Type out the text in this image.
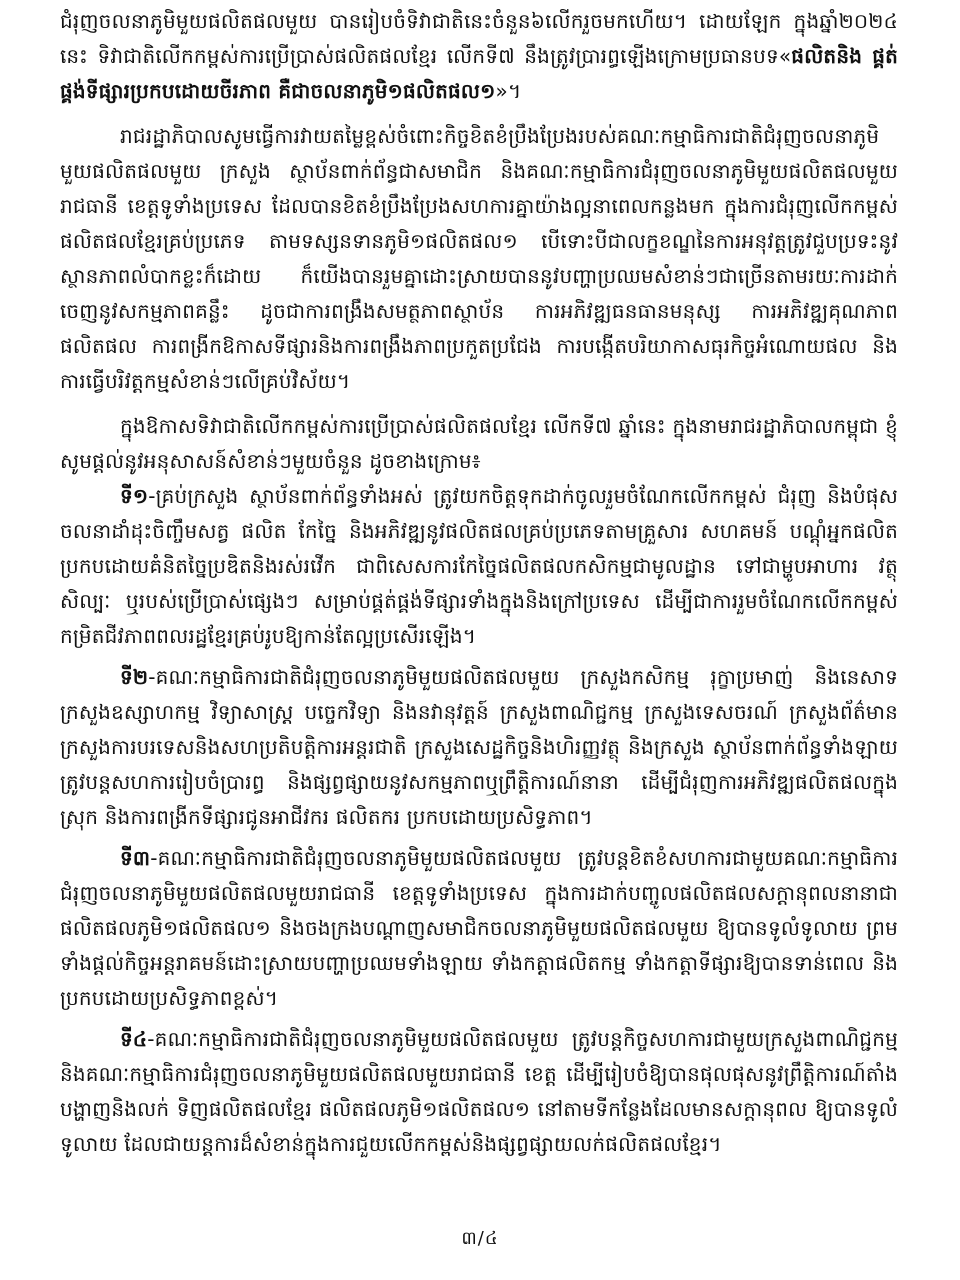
ជំរុញចលនាភូមិមួយផលិតផលមួយ បានរៀបចំទិវាជាតិនេះចំនួន៦លើករួចមកហើយ។ ដោយឡែក ក្នុងឆ្នាំ២០២៤ នេះ ទិវាជាតិលើកកម្ពស់ការប្រើប្រាស់ផលិតផលខ្មែរ លើកទី៧ នឹងត្រូវប្រារព្ធឡើងក្រោមប្រធានបទ«ផលិតនិង ផ្គត់ផ្គង់ទីផ្សារប្រកបដោយចីរភាព គឺជាចលនាភូមិ១ផលិតផល១»។

រាជរដ្ឋាភិបាលសូមធ្វើការវាយតម្លៃខ្ពស់ចំពោះកិច្ចខិតខំប្រឹងប្រែងរបស់គណៈកម្មាធិការជាតិជំរុញចលនាភូមិមួយផលិតផលមួយ ក្រសួង ស្ថាប័នពាក់ព័ន្ធជាសមាជិក និងគណៈកម្មាធិការជំរុញចលនាភូមិមួយផលិតផលមួយរាជធានី ខេត្តទូទាំងប្រទេស ដែលបានខិតខំប្រឹងប្រែងសហការគ្នាយ៉ាងល្អនាពេលកន្លងមក ក្នុងការជំរុញលើកកម្ពស់ផលិតផលខ្មែរគ្រប់ប្រភេទ តាមទស្សនទានភូមិ១ផលិតផល១ បើទោះបីជាលក្ខខណ្ឌនៃការអនុវត្តត្រូវជួបប្រទះនូវស្ថានភាពលំបាកខ្លះក៏ដោយ ក៏យើងបានរួមគ្នាដោះស្រាយបាននូវបញ្ហាប្រឈមសំខាន់ៗជាច្រើនតាមរយៈការដាក់ចេញនូវសកម្មភាពគន្លឹះ ដូចជាការពង្រឹងសមត្ថភាពស្ថាប័ន ការអភិវឌ្ឍធនធានមនុស្ស ការអភិវឌ្ឍគុណភាពផលិតផល ការពង្រីកឱកាសទីផ្សារនិងការពង្រឹងភាពប្រកួតប្រជែង ការបង្កើតបរិយាកាសធុរកិច្ចអំណោយផល និងការធ្វើបរិវត្តកម្មសំខាន់ៗលើគ្រប់វិស័យ។

ក្នុងឱកាសទិវាជាតិលើកកម្ពស់ការប្រើប្រាស់ផលិតផលខ្មែរ លើកទី៧ ឆ្នាំនេះ ក្នុងនាមរាជរដ្ឋាភិបាលកម្ពុជា ខ្ញុំសូមផ្តល់នូវអនុសាសន៍សំខាន់ៗមួយចំនួន ដូចខាងក្រោម៖

ទី១-គ្រប់ក្រសួង ស្ថាប័នពាក់ព័ន្ធទាំងអស់ ត្រូវយកចិត្តទុកដាក់ចូលរួមចំណែកលើកកម្ពស់ ជំរុញ និងបំផុសចលនាដាំដុះចិញ្ចឹមសត្វ ផលិត កែច្នៃ និងអភិវឌ្ឍនូវផលិតផលគ្រប់ប្រភេទតាមគ្រួសារ សហគមន៍ បណ្តុំអ្នកផលិតប្រកបដោយគំនិតច្នៃប្រឌិតនិងរស់រវើក ជាពិសេសការកែច្នៃផលិតផលកសិកម្មជាមូលដ្ឋាន ទៅជាម្ហូបអាហារ វត្ថុសិល្បៈ ឬរបស់ប្រើប្រាស់ផ្សេងៗ សម្រាប់ផ្គត់ផ្គង់ទីផ្សារទាំងក្នុងនិងក្រៅប្រទេស ដើម្បីជាការរួមចំណែកលើកកម្ពស់កម្រិតជីវភាពពលរដ្ឋខ្មែរគ្រប់រូបឱ្យកាន់តែល្អប្រសើរឡើង។

ទី២-គណៈកម្មាធិការជាតិជំរុញចលនាភូមិមួយផលិតផលមួយ ក្រសួងកសិកម្ម រុក្ខាប្រមាញ់ និងនេសាទ ក្រសួងឧស្សាហកម្ម វិទ្យាសាស្ត្រ បច្ចេកវិទ្យា និងនវានុវត្តន៍ ក្រសួងពាណិជ្ជកម្ម ក្រសួងទេសចរណ៍ ក្រសួងព័ត៌មាន ក្រសួងការបរទេសនិងសហប្រតិបត្តិការអន្តរជាតិ ក្រសួងសេដ្ឋកិច្ចនិងហិរញ្ញវត្ថុ និងក្រសួង ស្ថាប័នពាក់ព័ន្ធទាំងឡាយ ត្រូវបន្តសហការរៀបចំប្រារព្ធ និងផ្សព្វផ្សាយនូវសកម្មភាពឬព្រឹត្តិការណ៍នានា ដើម្បីជំរុញការអភិវឌ្ឍផលិតផលក្នុងស្រុក និងការពង្រីកទីផ្សារជូនអាជីវករ ផលិតករ ប្រកបដោយប្រសិទ្ធភាព។

ទី៣-គណៈកម្មាធិការជាតិជំរុញចលនាភូមិមួយផលិតផលមួយ ត្រូវបន្តខិតខំសហការជាមួយគណៈកម្មាធិការជំរុញចលនាភូមិមួយផលិតផលមួយរាជធានី ខេត្តទូទាំងប្រទេស ក្នុងការដាក់បញ្ចូលផលិតផលសក្តានុពលនានាជាផលិតផលភូមិ១ផលិតផល១ និងចងក្រងបណ្តាញសមាជិកចលនាភូមិមួយផលិតផលមួយ ឱ្យបានទូលំទូលាយ ព្រមទាំងផ្តល់កិច្ចអន្តរាគមន៍ដោះស្រាយបញ្ហាប្រឈមទាំងឡាយ ទាំងកត្តាផលិតកម្ម ទាំងកត្តាទីផ្សារឱ្យបានទាន់ពេល និងប្រកបដោយប្រសិទ្ធភាពខ្ពស់។

ទី៤-គណៈកម្មាធិការជាតិជំរុញចលនាភូមិមួយផលិតផលមួយ ត្រូវបន្តកិច្ចសហការជាមួយក្រសួងពាណិជ្ជកម្ម និងគណៈកម្មាធិការជំរុញចលនាភូមិមួយផលិតផលមួយរាជធានី ខេត្ត ដើម្បីរៀបចំឱ្យបានផុលផុសនូវព្រឹត្តិការណ៍តាំងបង្ហាញនិងលក់ ទិញផលិតផលខ្មែរ ផលិតផលភូមិ១ផលិតផល១ នៅតាមទីកន្លែងដែលមានសក្តានុពល ឱ្យបានទូលំទូលាយ ដែលជាយន្តការដ៏សំខាន់ក្នុងការជួយលើកកម្ពស់និងផ្សព្វផ្សាយលក់ផលិតផលខ្មែរ។

៣/៤
